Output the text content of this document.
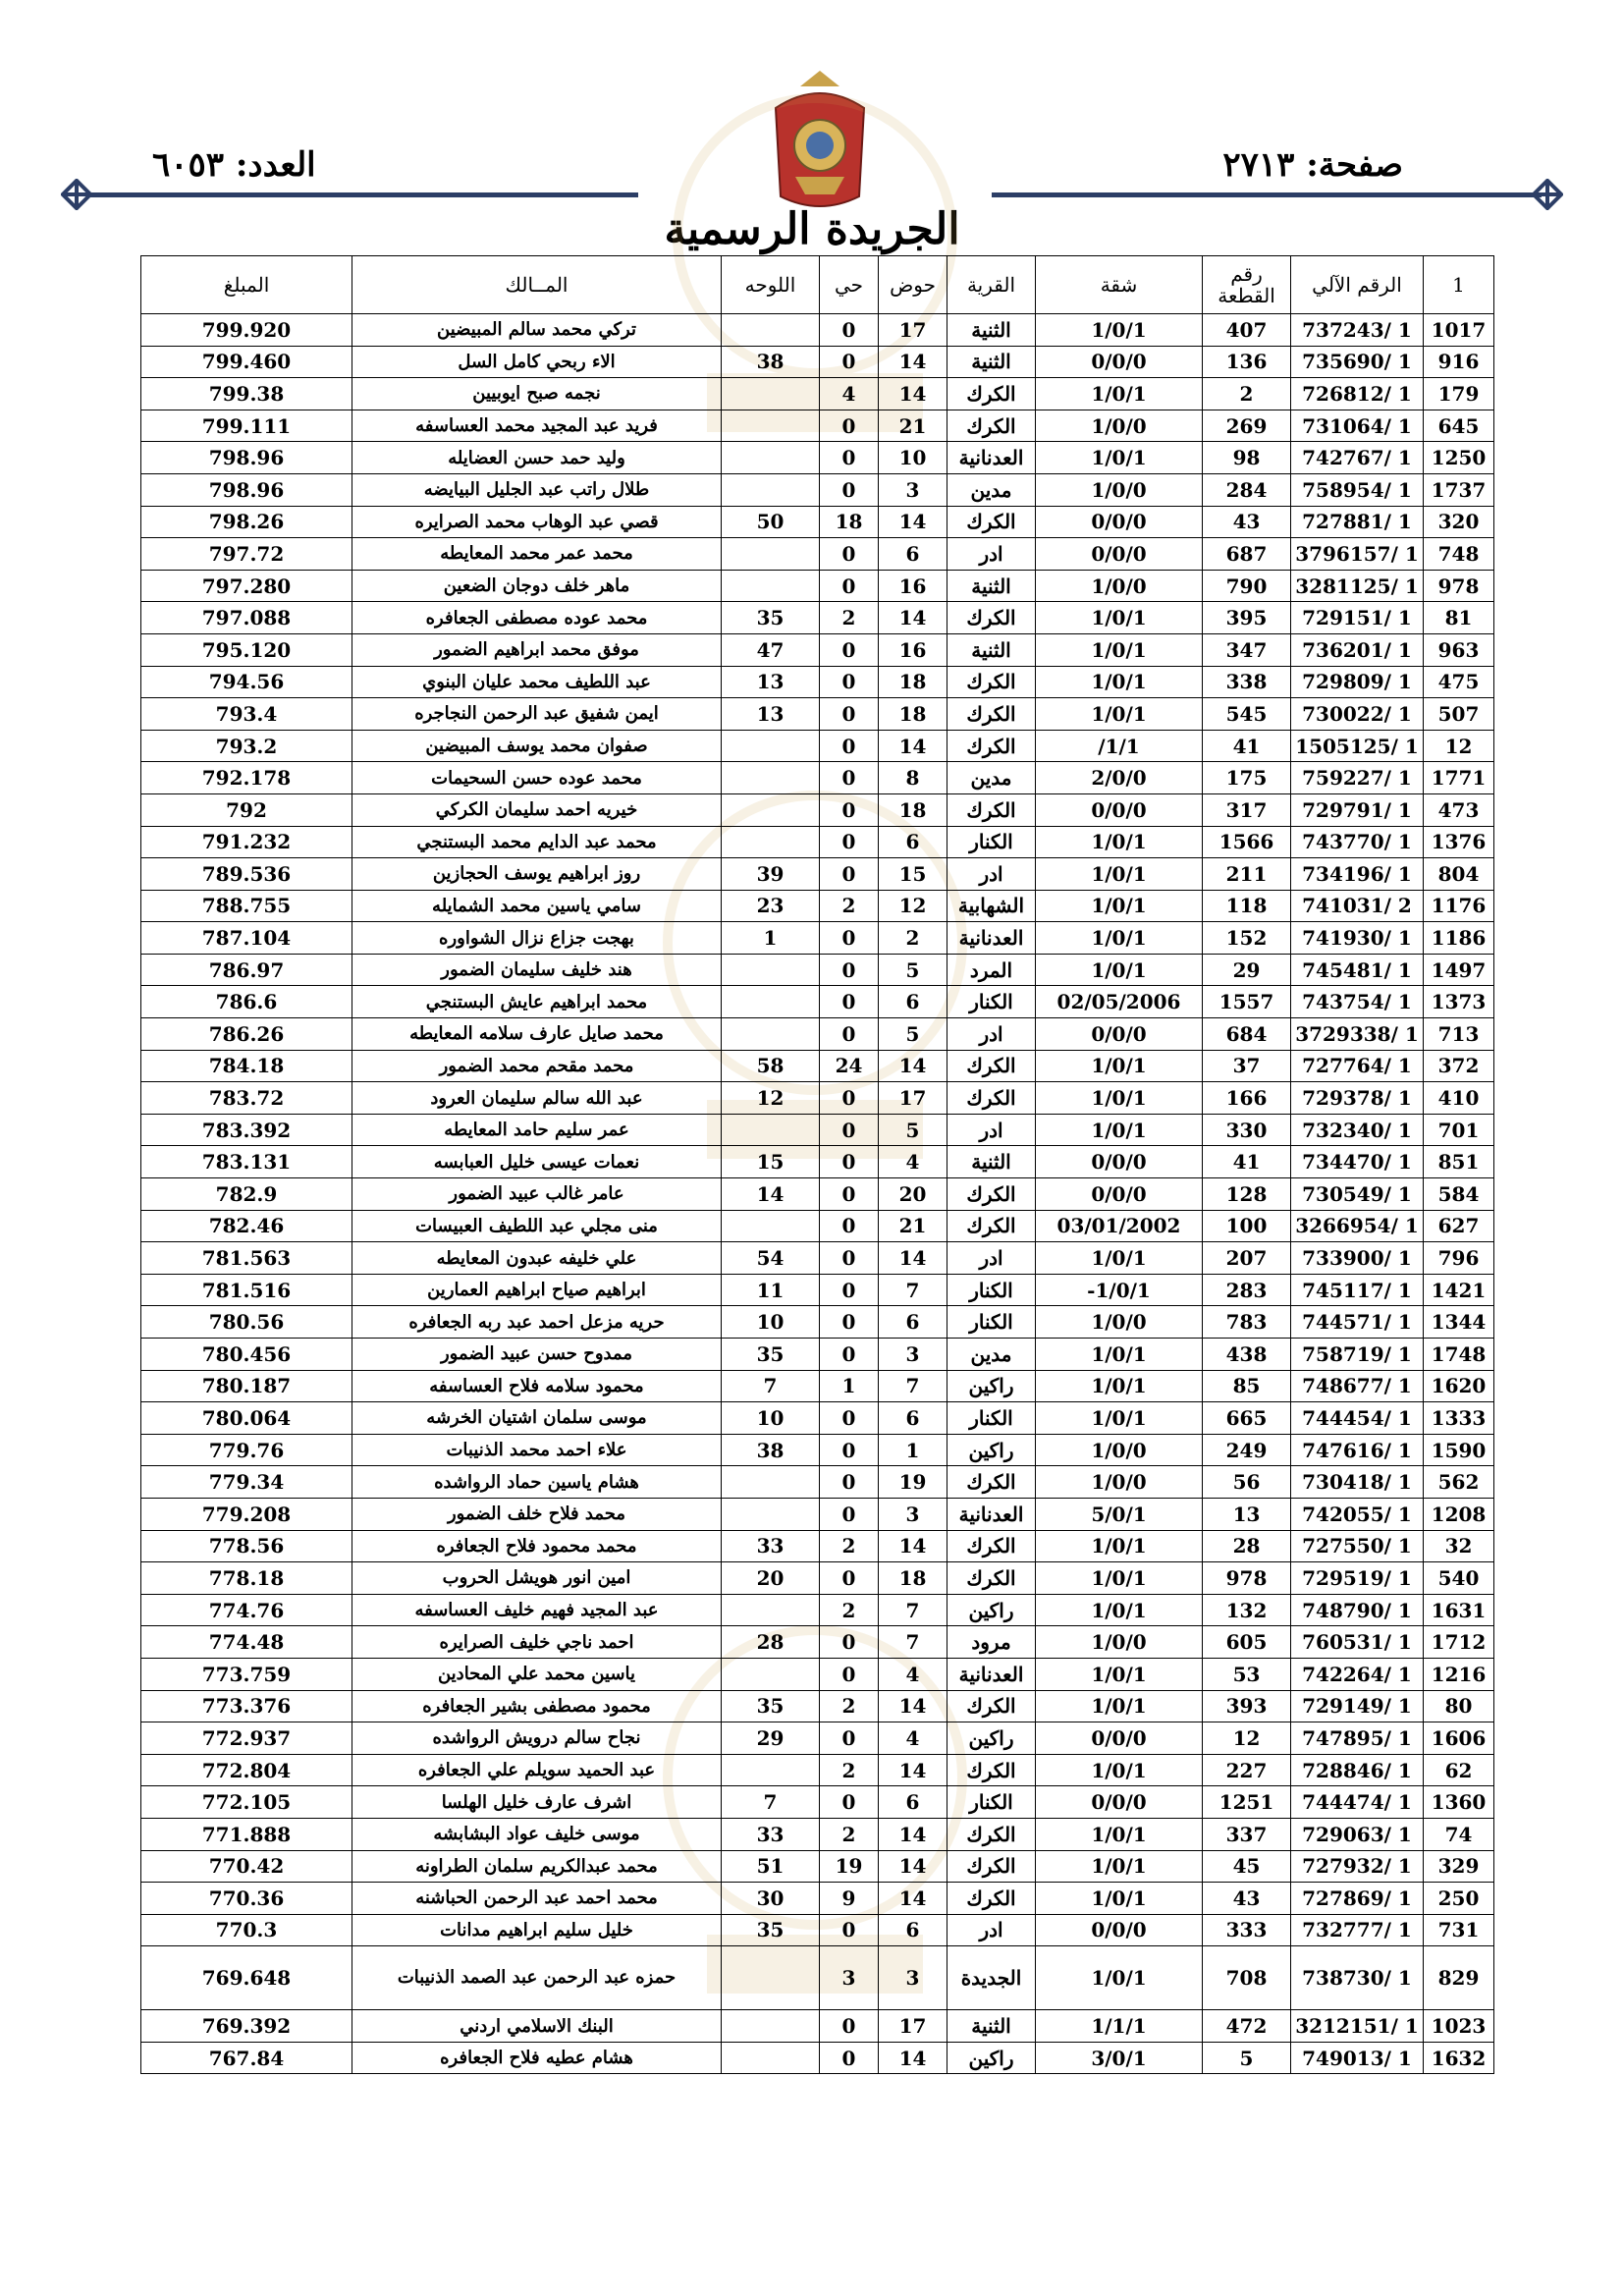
صفحة: ٢٧١٣
العدد: ٦٠٥٣
الجريدة الرسمية
1	الرقم الآلي	رقم القطعة	شقة	القرية	حوض	حي	اللوحه	المــالك	المبلغ
1017	1 /737243	407	1/0/1	الثنية	17	0		تركي محمد سالم المبيضين	799.920
916	1 /735690	136	0/0/0	الثنية	14	0	38	الاء ربحي كامل السل	799.460
179	1 /726812	2	1/0/1	الكرك	14	4		نجمه صبح ايوبيين	799.38
645	1 /731064	269	1/0/0	الكرك	21	0		فريد عبد المجيد محمد العساسفه	799.111
1250	1 /742767	98	1/0/1	العدنانية	10	0		وليد حمد حسن العضايله	798.96
1737	1 /758954	284	1/0/0	مدين	3	0		طلال راتب عبد الجليل البيايضه	798.96
320	1 /727881	43	0/0/0	الكرك	14	18	50	قصي عبد الوهاب محمد الصرايره	798.26
748	1 /3796157	687	0/0/0	ادر	6	0		محمد عمر محمد المعايطه	797.72
978	1 /3281125	790	1/0/0	الثنية	16	0		ماهر خلف دوجان الضعين	797.280
81	1 /729151	395	1/0/1	الكرك	14	2	35	محمد عوده مصطفى الجعافره	797.088
963	1 /736201	347	1/0/1	الثنية	16	0	47	موفق محمد ابراهيم الضمور	795.120
475	1 /729809	338	1/0/1	الكرك	18	0	13	عبد اللطيف محمد عليان البنوي	794.56
507	1 /730022	545	1/0/1	الكرك	18	0	13	ايمن شفيق عبد الرحمن النجاجره	793.4
12	1 /1505125	41	1/1/	الكرك	14	0		صفوان محمد يوسف المبيضين	793.2
1771	1 /759227	175	2/0/0	مدين	8	0		محمد عوده حسن السحيمات	792.178
473	1 /729791	317	0/0/0	الكرك	18	0		خيريه احمد سليمان الكركي	792
1376	1 /743770	1566	1/0/1	الكنار	6	0		محمد عبد الدايم محمد البستنجي	791.232
804	1 /734196	211	1/0/1	ادر	15	0	39	روز ابراهيم يوسف الحجازين	789.536
1176	2 /741031	118	1/0/1	الشهابية	12	2	23	سامي ياسين محمد الشمايله	788.755
1186	1 /741930	152	1/0/1	العدنانية	2	0	1	بهجت جزاع نزال الشواوره	787.104
1497	1 /745481	29	1/0/1	المرد	5	0		هند خليف سليمان الضمور	786.97
1373	1 /743754	1557	02/05/2006	الكنار	6	0		محمد ابراهيم عايش البستنجي	786.6
713	1 /3729338	684	0/0/0	ادر	5	0		محمد صايل عارف سلامه المعايطه	786.26
372	1 /727764	37	1/0/1	الكرك	14	24	58	محمد مقحم محمد الضمور	784.18
410	1 /729378	166	1/0/1	الكرك	17	0	12	عبد الله سالم سليمان العرود	783.72
701	1 /732340	330	1/0/1	ادر	5	0		عمر سليم حامد المعايطه	783.392
851	1 /734470	41	0/0/0	الثنية	4	0	15	نعمات عيسى خليل العبابسه	783.131
584	1 /730549	128	0/0/0	الكرك	20	0	14	عامر غالب عبيد الضمور	782.9
627	1 /3266954	100	03/01/2002	الكرك	21	0		منى مجلي عبد اللطيف العبيسات	782.46
796	1 /733900	207	1/0/1	ادر	14	0	54	علي خليفه عبدون المعايطه	781.563
1421	1 /745117	283	1/0/1-	الكنار	7	0	11	ابراهيم صياح ابراهيم العمارين	781.516
1344	1 /744571	783	1/0/0	الكنار	6	0	10	حريه مزعل احمد عبد ربه الجعافره	780.56
1748	1 /758719	438	1/0/1	مدين	3	0	35	ممدوح حسن عبيد الضمور	780.456
1620	1 /748677	85	1/0/1	راكين	7	1	7	محمود سلامه فلاح العساسفه	780.187
1333	1 /744454	665	1/0/1	الكنار	6	0	10	موسى سلمان اشتيان الخرشه	780.064
1590	1 /747616	249	1/0/0	راكين	1	0	38	علاء احمد محمد الذنيبات	779.76
562	1 /730418	56	1/0/0	الكرك	19	0		هشام ياسين حماد الرواشده	779.34
1208	1 /742055	13	5/0/1	العدنانية	3	0		محمد فلاح خلف الضمور	779.208
32	1 /727550	28	1/0/1	الكرك	14	2	33	محمد محمود فلاح الجعافره	778.56
540	1 /729519	978	1/0/1	الكرك	18	0	20	امين انور هويشل الحروب	778.18
1631	1 /748790	132	1/0/1	راكين	7	2		عبد المجيد فهيم خليف العساسفه	774.76
1712	1 /760531	605	1/0/0	مرود	7	0	28	احمد ناجي خليف الصرايره	774.48
1216	1 /742264	53	1/0/1	العدنانية	4	0		ياسين محمد علي المحادين	773.759
80	1 /729149	393	1/0/1	الكرك	14	2	35	محمود مصطفى بشير الجعافره	773.376
1606	1 /747895	12	0/0/0	راكين	4	0	29	نجاح سالم درويش الرواشده	772.937
62	1 /728846	227	1/0/1	الكرك	14	2		عبد الحميد سويلم علي الجعافره	772.804
1360	1 /744474	1251	0/0/0	الكنار	6	0	7	اشرف عارف خليل الهلسا	772.105
74	1 /729063	337	1/0/1	الكرك	14	2	33	موسى خليف عواد البشابشه	771.888
329	1 /727932	45	1/0/1	الكرك	14	19	51	محمد عبدالكريم سلمان الطراونه	770.42
250	1 /727869	43	1/0/1	الكرك	14	9	30	محمد احمد عبد الرحمن الحباشنه	770.36
731	1 /732777	333	0/0/0	ادر	6	0	35	خليل سليم ابراهيم مدانات	770.3
829	1 /738730	708	1/0/1	الجديدة	3	3		حمزه عبد الرحمن عبد الصمد الذنيبات	769.648
1023	1 /3212151	472	1/1/1	الثنية	17	0		البنك الاسلامي اردني	769.392
1632	1 /749013	5	3/0/1	راكين	14	0		هشام عطيه فلاح الجعافره	767.84
